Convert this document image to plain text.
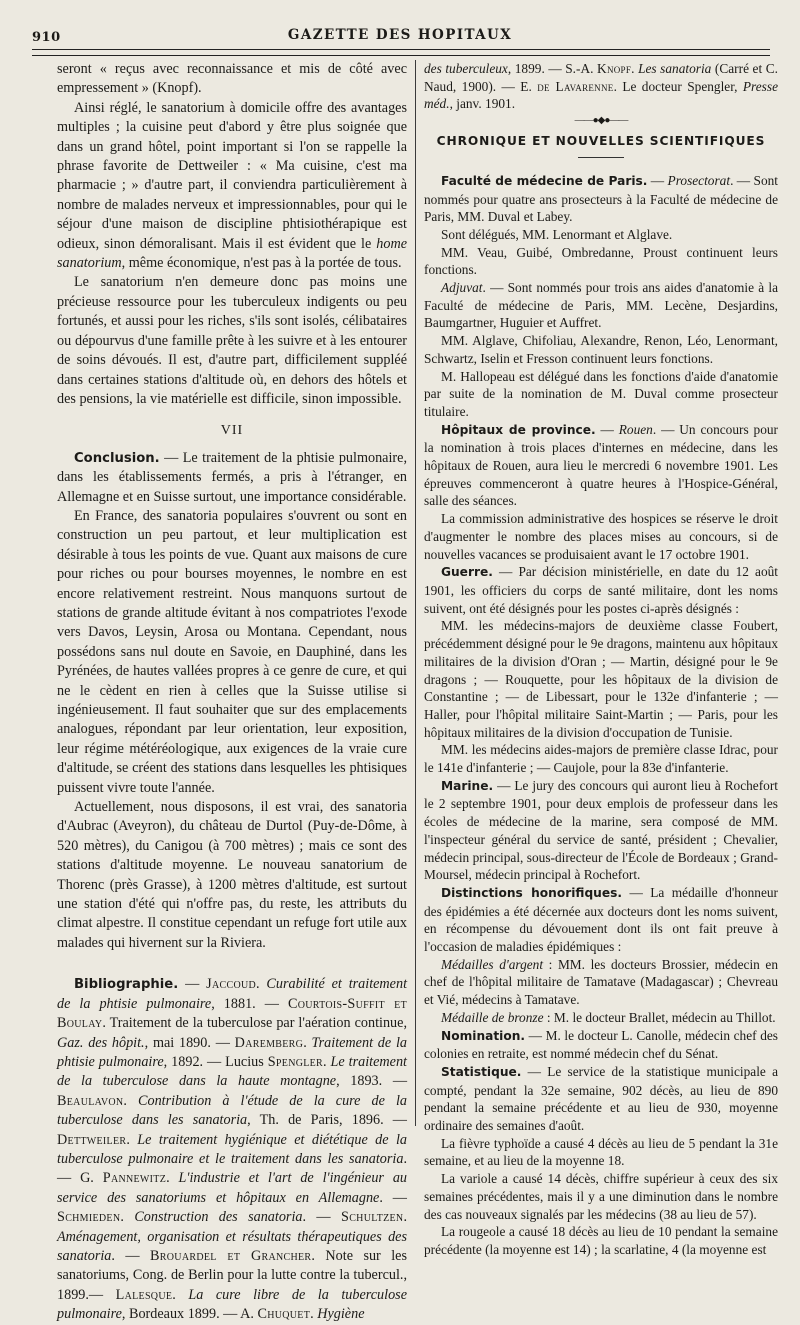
910	GAZETTE DES HOPITAUX

seront « reçus avec reconnaissance et mis de côté avec empressement » (Knopf).

Ainsi réglé, le sanatorium à domicile offre des avantages multiples ; la cuisine peut d'abord y être plus soignée que dans un grand hôtel, point important si l'on se rappelle la phrase favorite de Dettweiler : « Ma cuisine, c'est ma pharmacie ; » d'autre part, il conviendra particulièrement à nombre de malades nerveux et impressionnables, pour qui le séjour d'une maison de discipline phtisiothérapique est odieux, sinon démoralisant. Mais il est évident que le home sanatorium, même économique, n'est pas à la portée de tous.

Le sanatorium n'en demeure donc pas moins une précieuse ressource pour les tuberculeux indigents ou peu fortunés, et aussi pour les riches, s'ils sont isolés, célibataires ou dépourvus d'une famille prête à les suivre et à les entourer de soins dévoués. Il est, d'autre part, difficilement suppléé dans certaines stations d'altitude où, en dehors des hôtels et des pensions, la vie matérielle est difficile, sinon impossible.

VII

Conclusion. — Le traitement de la phtisie pulmonaire, dans les établissements fermés, a pris à l'étranger, en Allemagne et en Suisse surtout, une importance considérable.

En France, des sanatoria populaires s'ouvrent ou sont en construction un peu partout, et leur multiplication est désirable à tous les points de vue. Quant aux maisons de cure pour riches ou pour bourses moyennes, le nombre en est encore relativement restreint. Nous manquons surtout de stations de grande altitude évitant à nos compatriotes l'exode vers Davos, Leysin, Arosa ou Montana. Cependant, nous possédons sans nul doute en Savoie, en Dauphiné, dans les Pyrénées, de hautes vallées propres à ce genre de cure, et qui ne le cèdent en rien à celles que la Suisse utilise si ingénieusement. Il faut souhaiter que sur des emplacements analogues, répondant par leur orientation, leur exposition, leur régime météréologique, aux exigences de la vraie cure d'altitude, se créent des stations dans lesquelles les phtisiques puissent vivre toute l'année.

Actuellement, nous disposons, il est vrai, des sanatoria d'Aubrac (Aveyron), du château de Durtol (Puy-de-Dôme, à 520 mètres), du Canigou (à 700 mètres) ; mais ce sont des stations d'altitude moyenne. Le nouveau sanatorium de Thorenc (près Grasse), à 1200 mètres d'altitude, est surtout une station d'été qui n'offre pas, du reste, les attributs du climat alpestre. Il constitue cependant un refuge fort utile aux malades qui hivernent sur la Riviera.

Bibliographie. — Jaccoud. Curabilité et traitement de la phtisie pulmonaire, 1881. — Courtois-Suffit et Boulay. Traitement de la tuberculose par l'aération continue, Gaz. des hôpit., mai 1890. — Daremberg. Traitement de la phtisie pulmonaire, 1892. — Lucius Spengler. Le traitement de la tuberculose dans la haute montagne, 1893. — Beaulavon. Contribution à l'étude de la cure de la tuberculose dans les sanatoria, Th. de Paris, 1896. — Dettweiler. Le traitement hygiénique et diététique de la tuberculose pulmonaire et le traitement dans les sanatoria. — G. Pannewitz. L'industrie et l'art de l'ingénieur au service des sanatoriums et hôpitaux en Allemagne. — Schmieden. Construction des sanatoria. — Schultzen. Aménagement, organisation et résultats thérapeutiques des sanatoria. — Brouardel et Grancher. Note sur les sanatoriums, Cong. de Berlin pour la lutte contre la tubercul., 1899.— Lalesque. La cure libre de la tuberculose pulmonaire, Bordeaux 1899. — A. Chuquet. Hygiène

des tuberculeux, 1899. — S.-A. Knopf. Les sanatoria (Carré et C. Naud, 1900). — E. de Lavarenne. Le docteur Spengler, Presse méd., janv. 1901.

——●◆●——
CHRONIQUE ET NOUVELLES SCIENTIFIQUES

Faculté de médecine de Paris. — Prosectorat. — Sont nommés pour quatre ans prosecteurs à la Faculté de médecine de Paris, MM. Duval et Labey.

Sont délégués, MM. Lenormant et Alglave.

MM. Veau, Guibé, Ombredanne, Proust continuent leurs fonctions.

Adjuvat. — Sont nommés pour trois ans aides d'anatomie à la Faculté de médecine de Paris, MM. Lecène, Desjardins, Baumgartner, Huguier et Auffret.

MM. Alglave, Chifoliau, Alexandre, Renon, Léo, Lenormant, Schwartz, Iselin et Fresson continuent leurs fonctions.

M. Hallopeau est délégué dans les fonctions d'aide d'anatomie par suite de la nomination de M. Duval comme prosecteur titulaire.

Hôpitaux de province. — Rouen. — Un concours pour la nomination à trois places d'internes en médecine, dans les hôpitaux de Rouen, aura lieu le mercredi 6 novembre 1901. Les épreuves commenceront à quatre heures à l'Hospice-Général, salle des séances.

La commission administrative des hospices se réserve le droit d'augmenter le nombre des places mises au concours, si de nouvelles vacances se produisaient avant le 17 octobre 1901.

Guerre. — Par décision ministérielle, en date du 12 août 1901, les officiers du corps de santé militaire, dont les noms suivent, ont été désignés pour les postes ci-après désignés :

MM. les médecins-majors de deuxième classe Foubert, précédemment désigné pour le 9e dragons, maintenu aux hôpitaux militaires de la division d'Oran ; — Martin, désigné pour le 9e dragons ; — Rouquette, pour les hôpitaux de la division de Constantine ; — de Libessart, pour le 132e d'infanterie ; — Haller, pour l'hôpital militaire Saint-Martin ; — Paris, pour les hôpitaux militaires de la division d'occupation de Tunisie.

MM. les médecins aides-majors de première classe Idrac, pour le 141e d'infanterie ; — Caujole, pour la 83e d'infanterie.

Marine. — Le jury des concours qui auront lieu à Rochefort le 2 septembre 1901, pour deux emplois de professeur dans les écoles de médecine de la marine, sera composé de MM. l'inspecteur général du service de santé, président ; Chevalier, médecin principal, sous-directeur de l'École de Bordeaux ; Grand-Moursel, médecin principal à Rochefort.

Distinctions honorifiques. — La médaille d'honneur des épidémies a été décernée aux docteurs dont les noms suivent, en récompense du dévouement dont ils ont fait preuve à l'occasion de maladies épidémiques :

Médailles d'argent : MM. les docteurs Brossier, médecin en chef de l'hôpital militaire de Tamatave (Madagascar) ; Chevreau et Vié, médecins à Tamatave.

Médaille de bronze : M. le docteur Brallet, médecin au Thillot.

Nomination. — M. le docteur L. Canolle, médecin chef des colonies en retraite, est nommé médecin chef du Sénat.

Statistique. — Le service de la statistique municipale a compté, pendant la 32e semaine, 902 décès, au lieu de 890 pendant la semaine précédente et au lieu de 930, moyenne ordinaire des semaines d'août.

La fièvre typhoïde a causé 4 décès au lieu de 5 pendant la 31e semaine, et au lieu de la moyenne 18.

La variole a causé 14 décès, chiffre supérieur à ceux des six semaines précédentes, mais il y a une diminution dans le nombre des cas nouveaux signalés par les médecins (38 au lieu de 57).

La rougeole a causé 18 décès au lieu de 10 pendant la semaine précédente (la moyenne est 14) ; la scarlatine, 4 (la moyenne est
